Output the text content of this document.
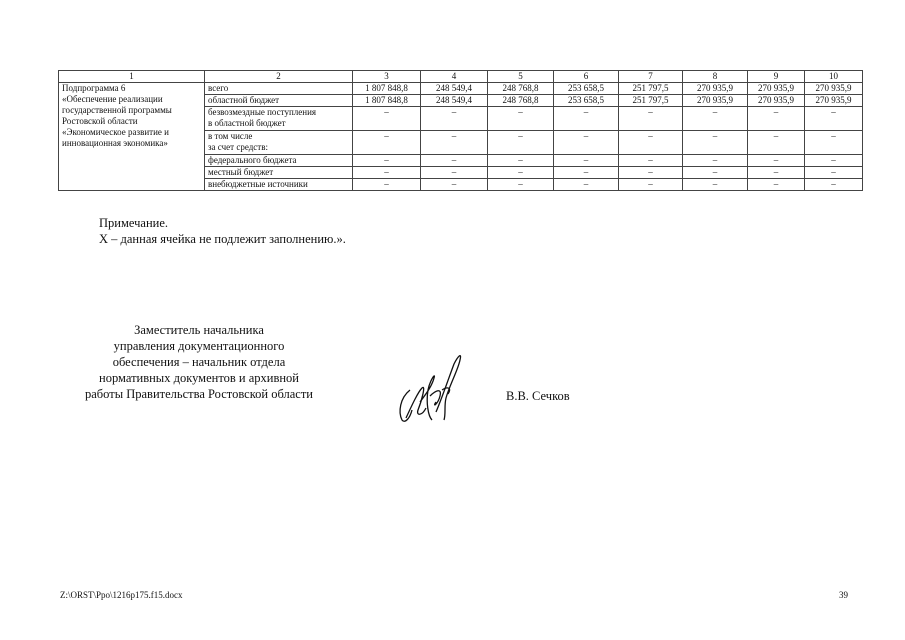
1	2	3	4	5	6	7	8	9	10

Подпрограмма 6
«Обеспечение реализации
государственной программы
Ростовской области
«Экономическое развитие и
инновационная экономика»
	всего	1 807 848,8	248 549,4	248 768,8	253 658,5	251 797,5	270 935,9	270 935,9	270 935,9
	областной бюджет	1 807 848,8	248 549,4	248 768,8	253 658,5	251 797,5	270 935,9	270 935,9	270 935,9

	безвозмездные поступления
в областной бюджет	–	–	–	–	–	–	–	–

	в том числе
за счет средств:	–	–	–	–	–	–	–	–
	федерального бюджета	–	–	–	–	–	–	–	–
	местный бюджет	–	–	–	–	–	–	–	–
	внебюджетные источники	–	–	–	–	–	–	–	–
Примечание.
X – данная ячейка не подлежит заполнению.».
Заместитель начальника
управления документационного
обеспечения – начальник отдела
нормативных документов и архивной
работы Правительства Ростовской области	В.В. Сечков
Z:\ORST\Ppo\1216p175.f15.docx	39
